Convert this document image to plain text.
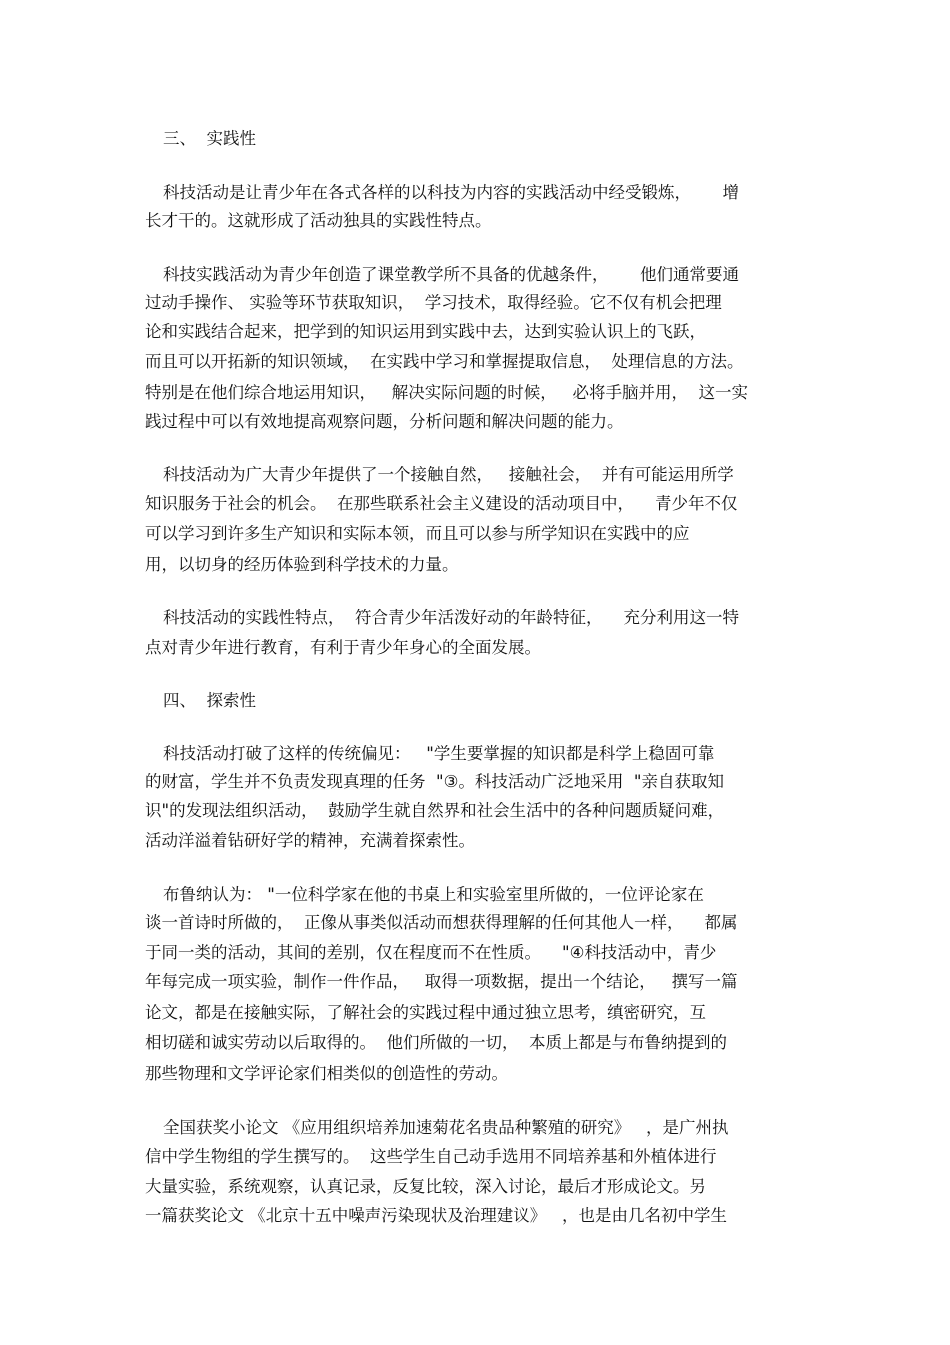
三、  实践性
科技活动是让青少年在各式各样的以科技为内容的实践活动中经受锻炼，      增
长才干的。这就形成了活动独具的实践性特点。
科技实践活动为青少年创造了课堂教学所不具备的优越条件，      他们通常要通
过动手操作、 实验等环节获取知识，  学习技术，取得经验。它不仅有机会把理
论和实践结合起来，把学到的知识运用到实践中去，达到实验认识上的飞跃，
而且可以开拓新的知识领域，  在实践中学习和掌握提取信息，  处理信息的方法。
特别是在他们综合地运用知识，   解决实际问题的时候，   必将手脑并用，  这一实
践过程中可以有效地提高观察问题，分析问题和解决问题的能力。
科技活动为广大青少年提供了一个接触自然，   接触社会，  并有可能运用所学
知识服务于社会的机会。  在那些联系社会主义建设的活动项目中，    青少年不仅
可以学习到许多生产知识和实际本领，而且可以参与所学知识在实践中的应
用，以切身的经历体验到科学技术的力量。
科技活动的实践性特点，  符合青少年活泼好动的年龄特征，    充分利用这一特
点对青少年进行教育，有利于青少年身心的全面发展。
四、  探索性
科技活动打破了这样的传统偏见：   "学生要掌握的知识都是科学上稳固可靠
的财富，学生并不负责发现真理的任务  "③。科技活动广泛地采用  "亲自获取知
识"的发现法组织活动，  鼓励学生就自然界和社会生活中的各种问题质疑问难，
活动洋溢着钻研好学的精神，充满着探索性。
布鲁纳认为： "一位科学家在他的书桌上和实验室里所做的，一位评论家在
谈一首诗时所做的，  正像从事类似活动而想获得理解的任何其他人一样，    都属
于同一类的活动，其间的差别，仅在程度而不在性质。    "④科技活动中，青少
年每完成一项实验，制作一件作品，   取得一项数据，提出一个结论，   撰写一篇
论文，都是在接触实际，了解社会的实践过程中通过独立思考，缜密研究，互
相切磋和诚实劳动以后取得的。  他们所做的一切，  本质上都是与布鲁纳提到的
那些物理和文学评论家们相类似的创造性的劳动。
全国获奖小论文 《应用组织培养加速菊花名贵品种繁殖的研究》   ，是广州执
信中学生物组的学生撰写的。  这些学生自己动手选用不同培养基和外植体进行
大量实验，系统观察，认真记录，反复比较，深入讨论，最后才形成论文。另
一篇获奖论文 《北京十五中噪声污染现状及治理建议》   ，也是由几名初中学生
